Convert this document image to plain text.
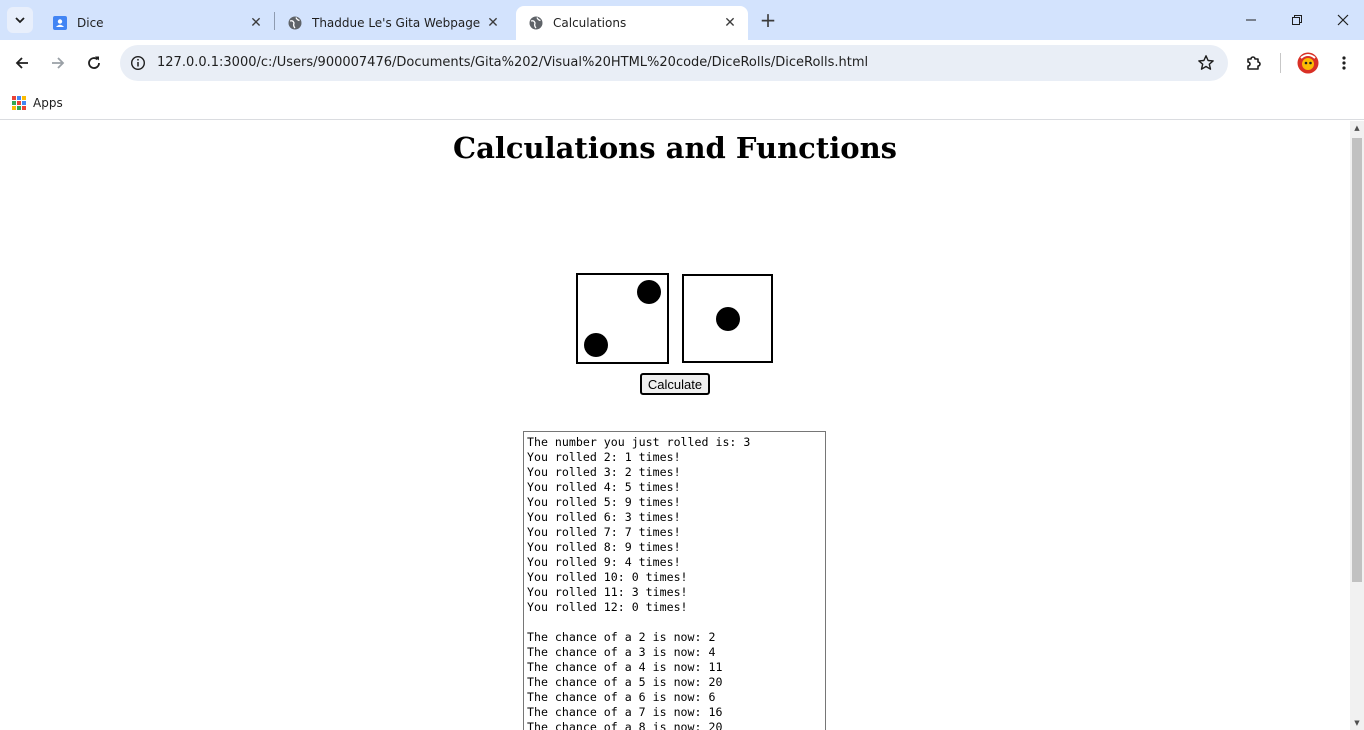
Dice	✕	Thaddue Le's Gita Webpage ✕	Calculations	✕ +
127.0.0.1:3000/c:/Users/900007476/Documents/Gita%202/Visual%20HTML%20code/DiceRolls/DiceRolls.html
Apps
Calculations and Functions
Calculate
The number you just rolled is: 3
You rolled 2: 1 times!
You rolled 3: 2 times!
You rolled 4: 5 times!
You rolled 5: 9 times!
You rolled 6: 3 times!
You rolled 7: 7 times!
You rolled 8: 9 times!
You rolled 9: 4 times!
You rolled 10: 0 times!
You rolled 11: 3 times!
You rolled 12: 0 times!
The chance of a 2 is now: 2
The chance of a 3 is now: 4
The chance of a 4 is now: 11
The chance of a 5 is now: 20
The chance of a 6 is now: 6
The chance of a 7 is now: 16
The chance of a 8 is now: 20
▲
▼
